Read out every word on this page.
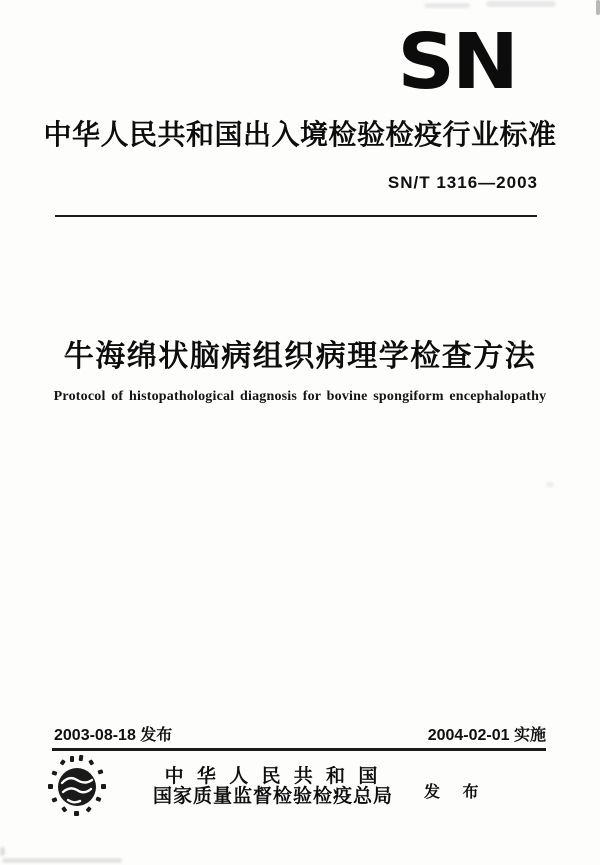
SN
中华人民共和国出入境检验检疫行业标准
SN/T 1316—2003
牛海绵状脑病组织病理学检查方法
Protocol of histopathological diagnosis for bovine spongiform encephalopathy
2003-08-18 发布	2004-02-01 实施
中 华 人 民 共 和 国
国家质量监督检验检疫总局	发 布
